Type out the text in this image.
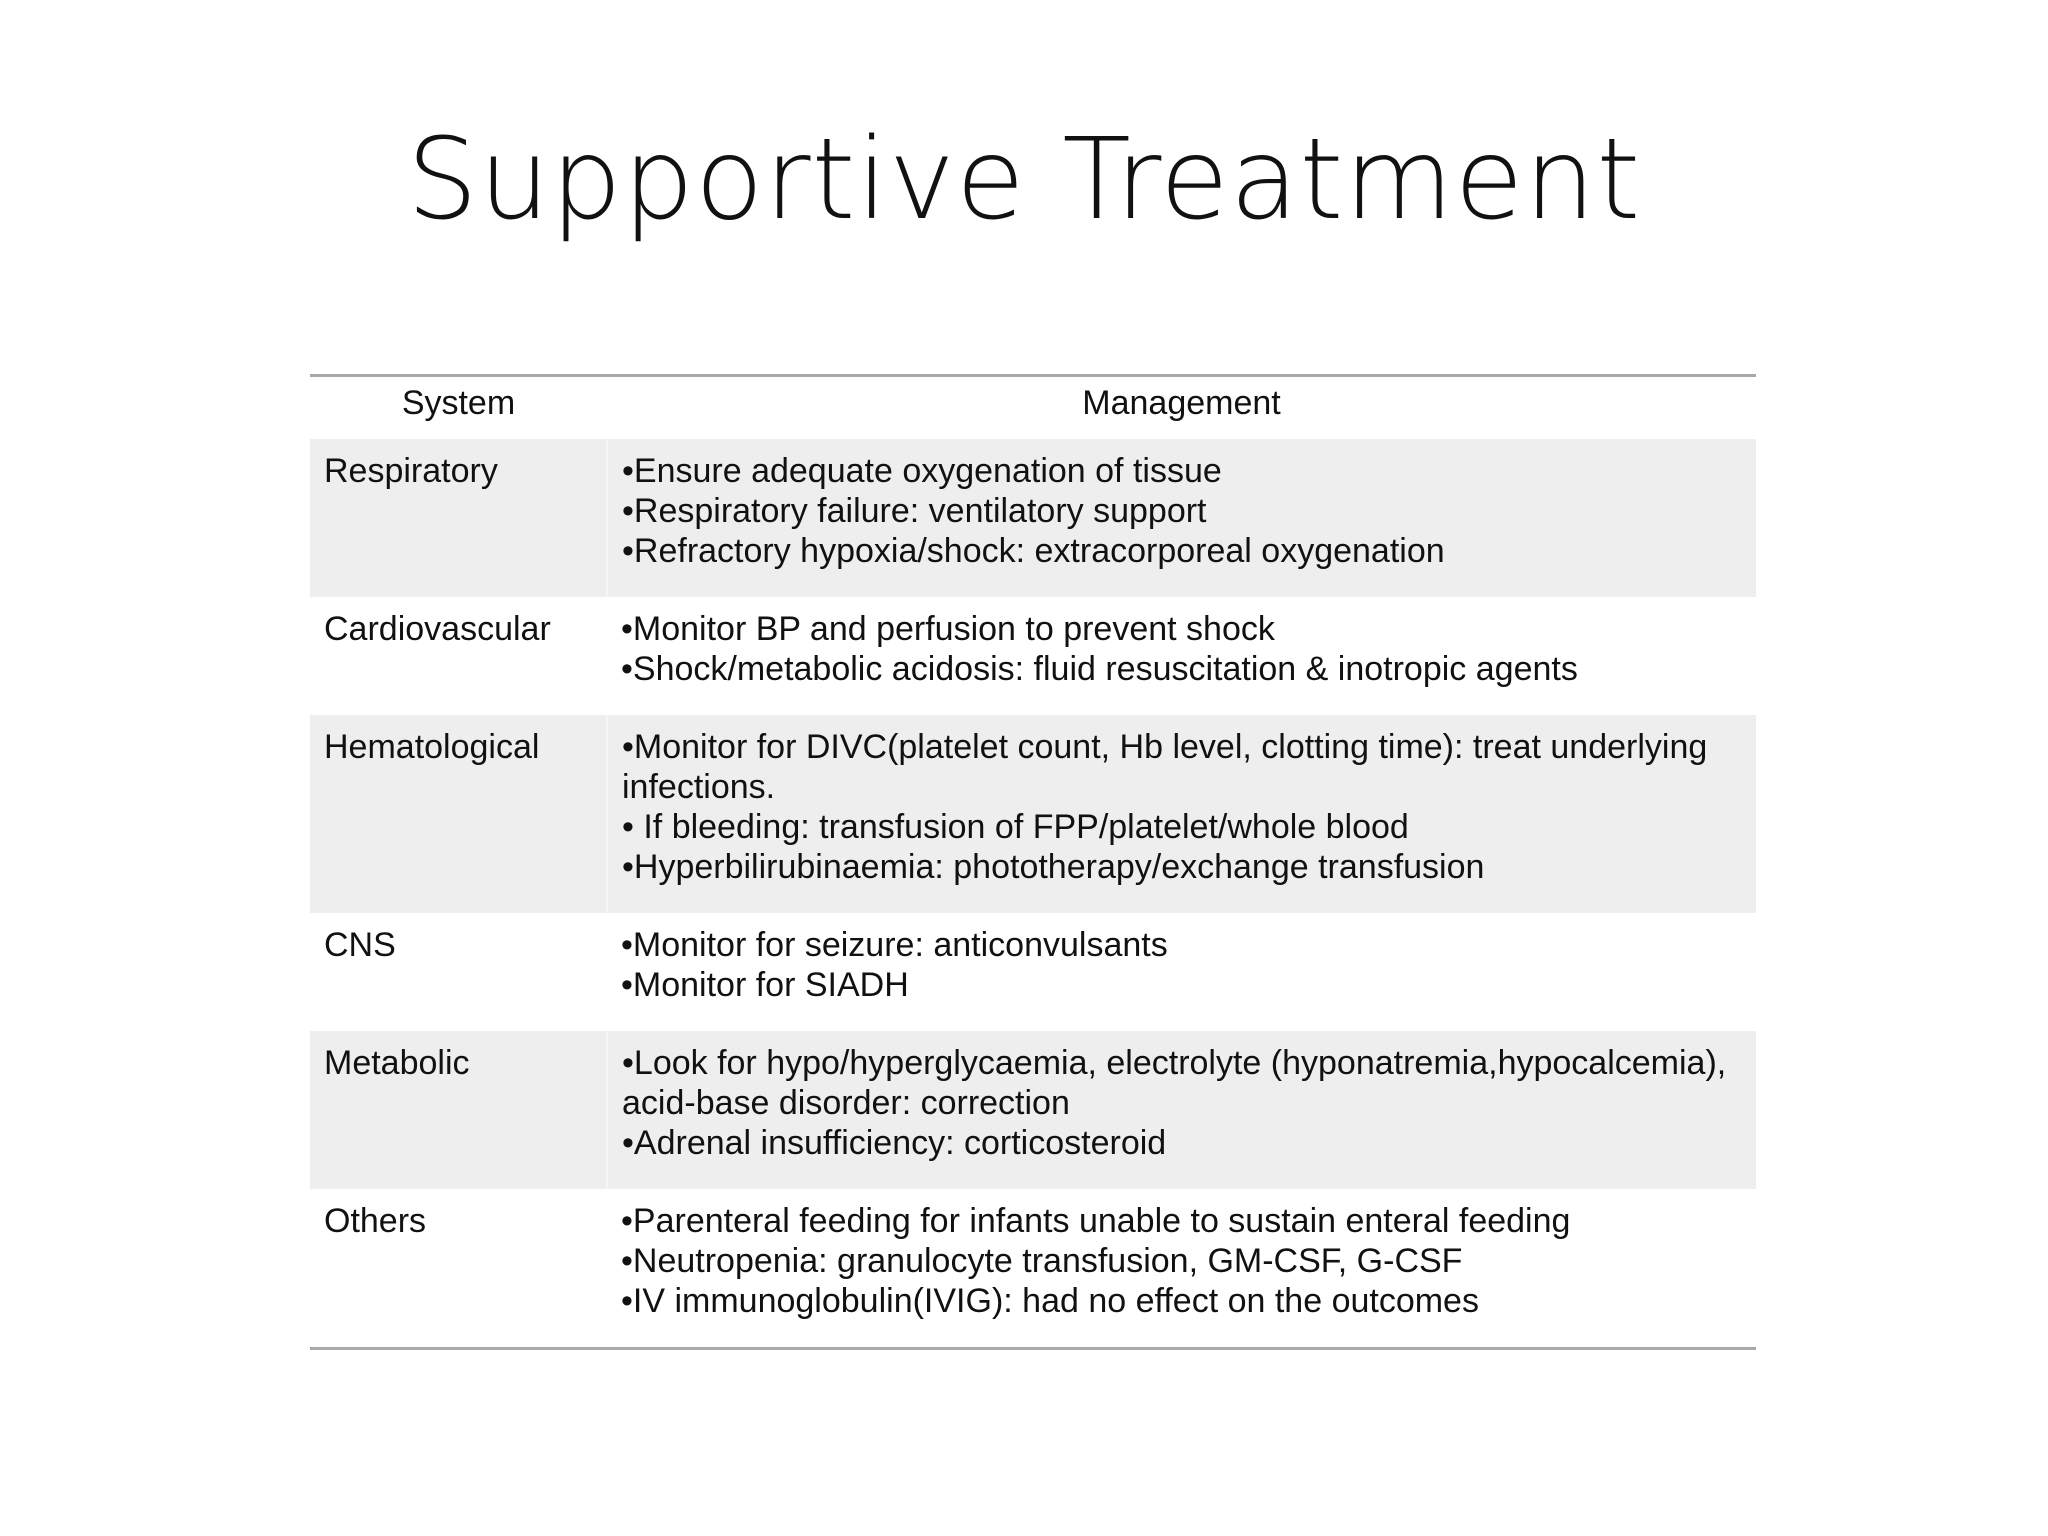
Supportive Treatment
System	Management
Respiratory	•Ensure adequate oxygenation of tissue
•Respiratory failure: ventilatory support
•Refractory hypoxia/shock: extracorporeal oxygenation

Cardiovascular	•Monitor BP and perfusion to prevent shock
•Shock/metabolic acidosis: fluid resuscitation & inotropic agents

Hematological	•Monitor for DIVC(platelet count, Hb level, clotting time): treat underlying infections.
• If bleeding: transfusion of FPP/platelet/whole blood
•Hyperbilirubinaemia: phototherapy/exchange transfusion

CNS	•Monitor for seizure: anticonvulsants
•Monitor for SIADH

Metabolic	•Look for hypo/hyperglycaemia, electrolyte (hyponatremia,hypocalcemia), acid-base disorder: correction
•Adrenal insufficiency: corticosteroid

Others	•Parenteral feeding for infants unable to sustain enteral feeding
•Neutropenia: granulocyte transfusion, GM-CSF, G-CSF
•IV immunoglobulin(IVIG): had no effect on the outcomes
